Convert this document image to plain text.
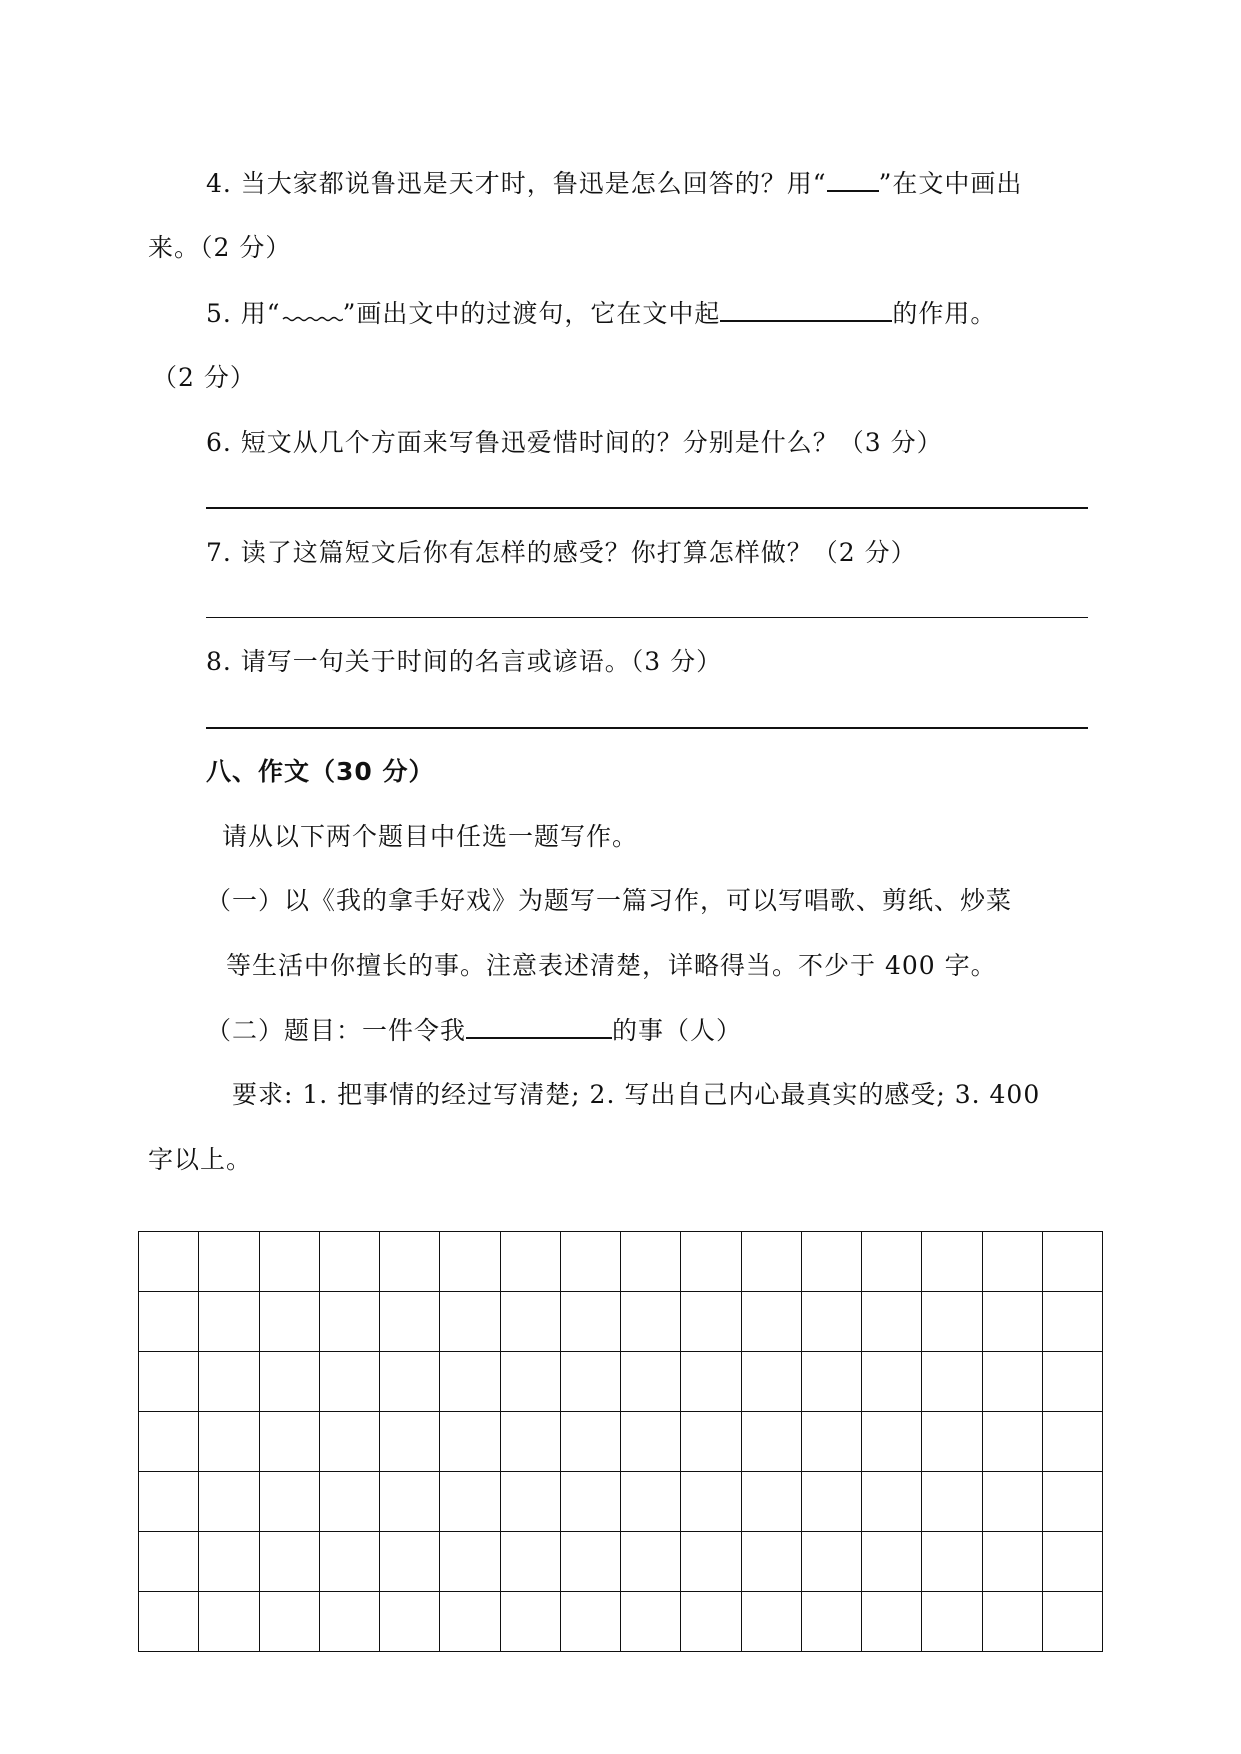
4. 当大家都说鲁迅是天才时，鲁迅是怎么回答的？用“ ”在文中画出
来。（2 分）
5. 用“ ”画出文中的过渡句，它在文中起	的作用。
（2 分）
6. 短文从几个方面来写鲁迅爱惜时间的？分别是什么？（3 分）
7. 读了这篇短文后你有怎样的感受？你打算怎样做？（2 分）
8. 请写一句关于时间的名言或谚语。（3 分）
八、作文（30 分）
请从以下两个题目中任选一题写作。
（一）以《我的拿手好戏》为题写一篇习作，可以写唱歌、剪纸、炒菜
等生活中你擅长的事。注意表述清楚，详略得当。不少于 400 字。
（二）题目：一件令我	的事（人）
要求: 1. 把事情的经过写清楚; 2. 写出自己内心最真实的感受; 3. 400
字以上。
